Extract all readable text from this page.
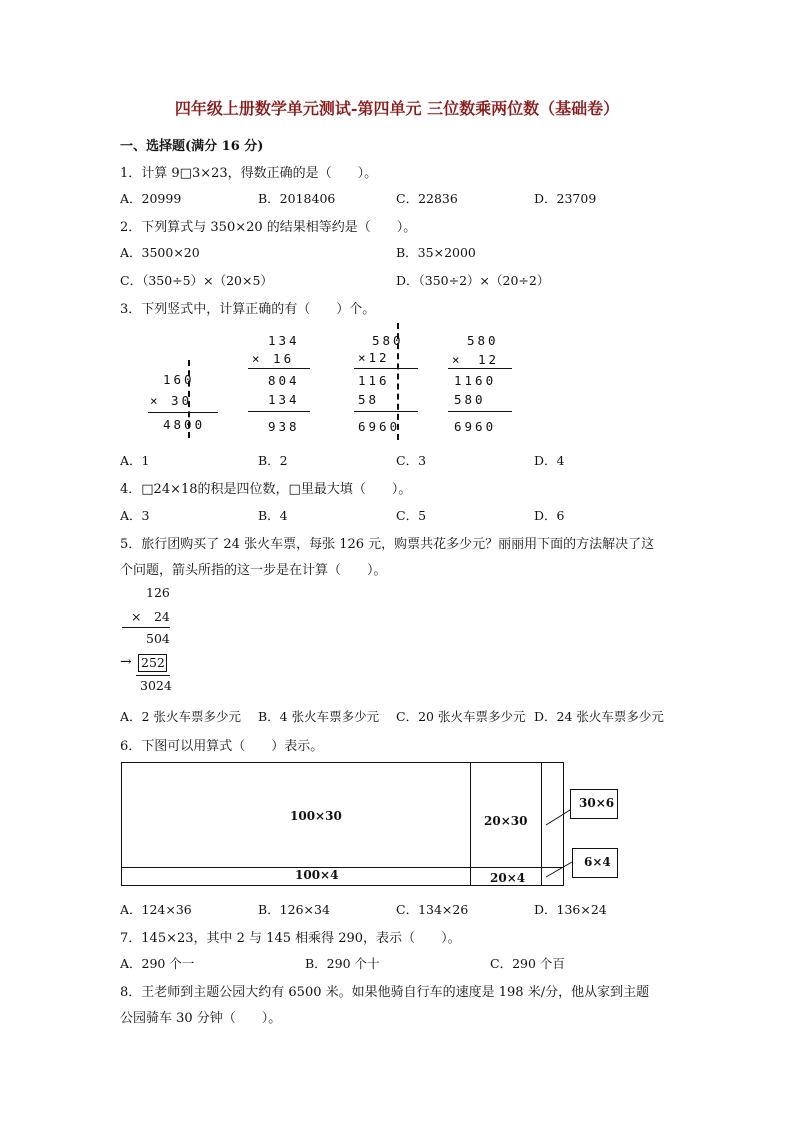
四年级上册数学单元测试-第四单元 三位数乘两位数（基础卷）
一、选择题(满分 16 分)
1．计算 9□3×23，得数正确的是（　　）。
A．20999	B．2018406	C．22836	D．23709
2．下列算式与 350×20 的结果相等约是（　　）。
A．3500×20	B．35×2000
C．（350÷5）×（20×5）	D．（350÷2）×（20÷2）
3．下列竖式中，计算正确的有（　　）个。
160
× 30
4800
134
× 16
804
134
938
580
×12
116
58
6960
580
×　12
1160
580
6960
A．1	B．2	C．3	D．4
4．□24×18的积是四位数，□里最大填（　　）。
A．3	B．4	C．5	D．6
5．旅行团购买了 24 张火车票，每张 126 元，购票共花多少元？丽丽用下面的方法解决了这
个问题，箭头所指的这一步是在计算（　　）。
126
×　24
504
→ 252
3024
A．2 张火车票多少元 B．4 张火车票多少元 C．20 张火车票多少元 D．24 张火车票多少元
6．下图可以用算式（　　）表示。
100×30	20×30
100×4	20×4
30×6
6×4
A．124×36	B．126×34	C．134×26	D．136×24
7．145×23，其中 2 与 145 相乘得 290，表示（　　）。
A．290 个一	B．290 个十	C．290 个百
8．王老师到主题公园大约有 6500 米。如果他骑自行车的速度是 198 米/分，他从家到主题
公园骑车 30 分钟（　　）。
